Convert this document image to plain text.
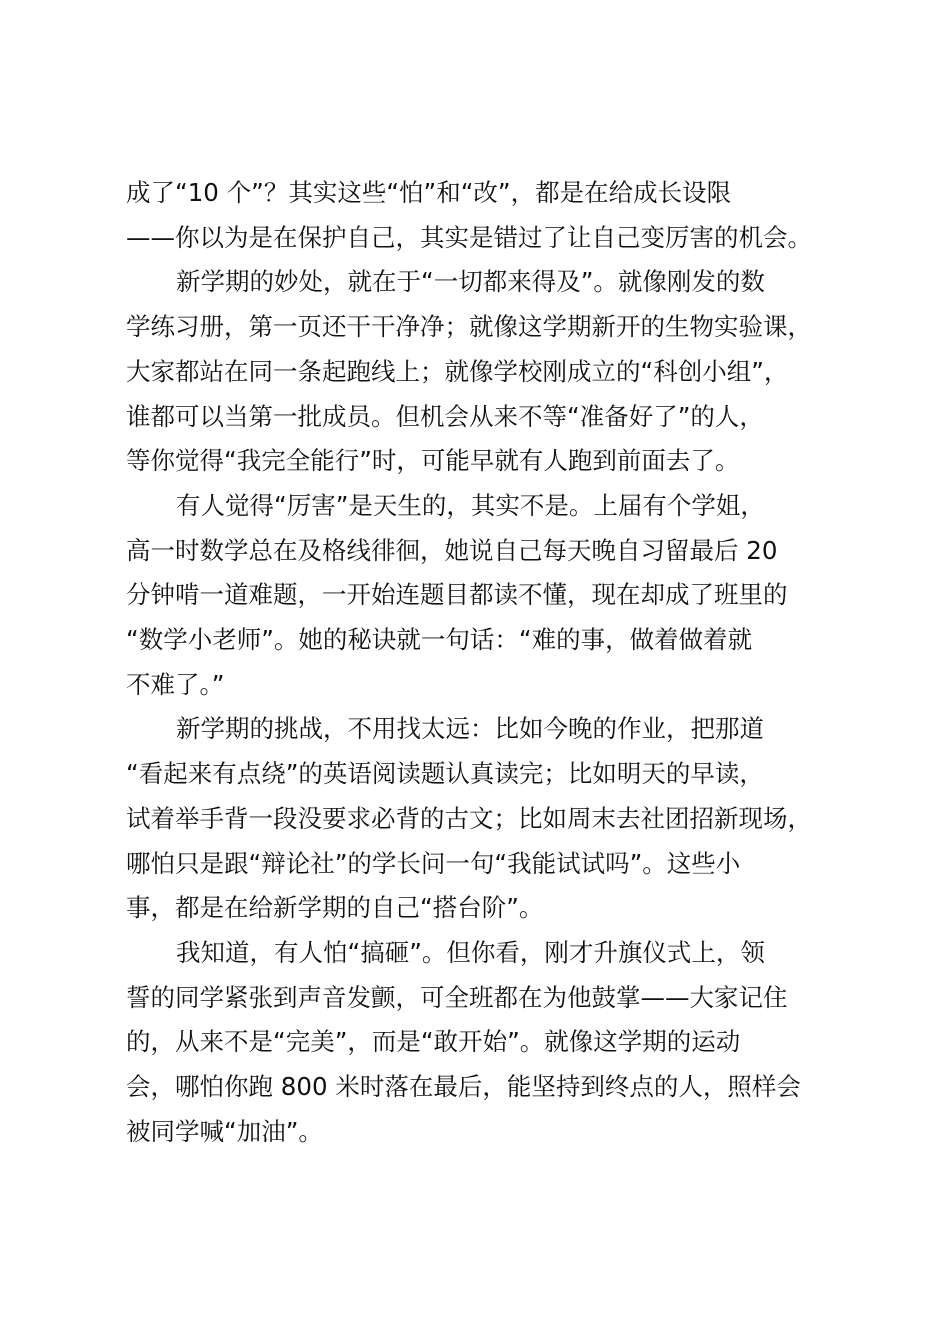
成了“10 个”？其实这些“怕”和“改”，都是在给成长设限
——你以为是在保护自己，其实是错过了让自己变厉害的机会。
新学期的妙处，就在于“一切都来得及”。就像刚发的数
学练习册，第一页还干干净净；就像这学期新开的生物实验课，
大家都站在同一条起跑线上；就像学校刚成立的“科创小组”，
谁都可以当第一批成员。但机会从来不等“准备好了”的人，
等你觉得“我完全能行”时，可能早就有人跑到前面去了。
有人觉得“厉害”是天生的，其实不是。上届有个学姐，
高一时数学总在及格线徘徊，她说自己每天晚自习留最后 20
分钟啃一道难题，一开始连题目都读不懂，现在却成了班里的
“数学小老师”。她的秘诀就一句话：“难的事，做着做着就
不难了。”
新学期的挑战，不用找太远：比如今晚的作业，把那道
“看起来有点绕”的英语阅读题认真读完；比如明天的早读，
试着举手背一段没要求必背的古文；比如周末去社团招新现场，
哪怕只是跟“辩论社”的学长问一句“我能试试吗”。这些小
事，都是在给新学期的自己“搭台阶”。
我知道，有人怕“搞砸”。但你看，刚才升旗仪式上，领
誓的同学紧张到声音发颤，可全班都在为他鼓掌——大家记住
的，从来不是“完美”，而是“敢开始”。就像这学期的运动
会，哪怕你跑 800 米时落在最后，能坚持到终点的人，照样会
被同学喊“加油”。
